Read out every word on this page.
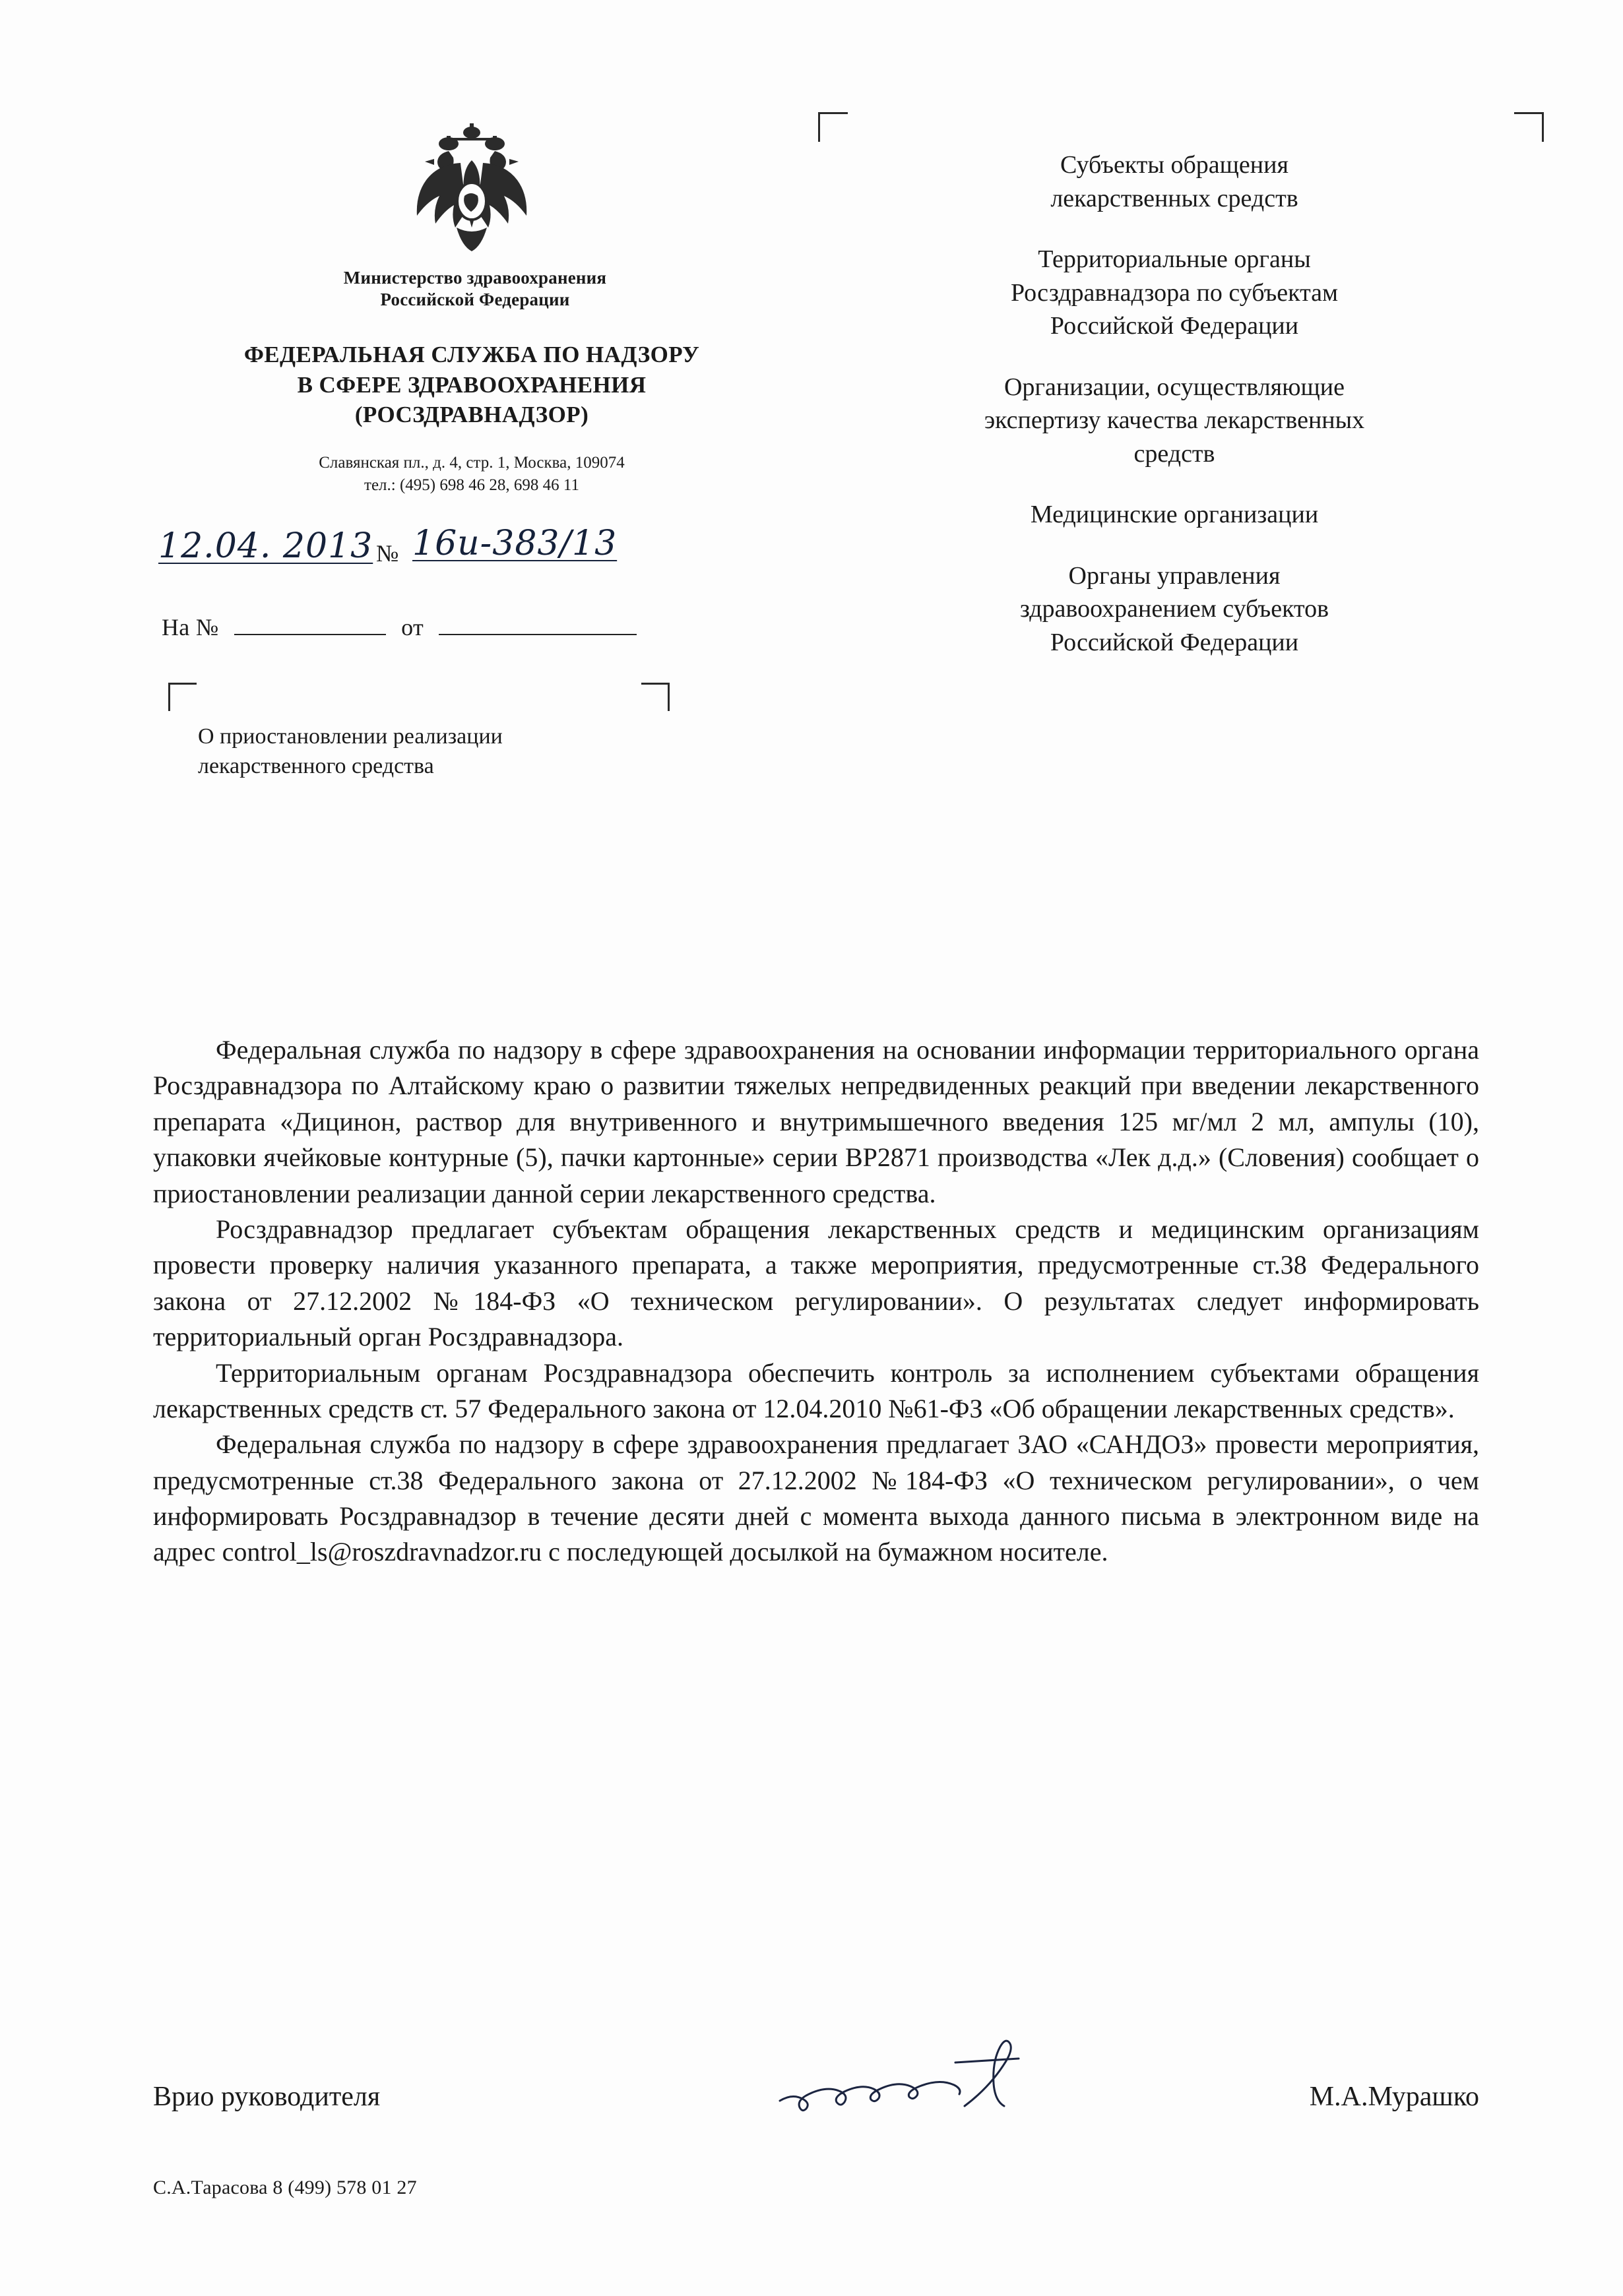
Министерство здравоохранения
Российской Федерации
ФЕДЕРАЛЬНАЯ СЛУЖБА ПО НАДЗОРУ
В СФЕРЕ ЗДРАВООХРАНЕНИЯ
(РОСЗДРАВНАДЗОР)
Славянская пл., д. 4, стр. 1, Москва, 109074
тел.: (495) 698 46 28, 698 46 11
12.04. 2013 № 16и-383/13
На №	от
О приостановлении реализации
лекарственного средства

Субъекты обращения
лекарственных средств

Территориальные органы
Росздравнадзора по субъектам
Российской Федерации

Организации, осуществляющие
экспертизу качества лекарственных
средств

Медицинские организации

Органы управления
здравоохранением субъектов
Российской Федерации

Федеральная служба по надзору в сфере здравоохранения на основании информации территориального органа Росздравнадзора по Алтайскому краю о развитии тяжелых непредвиденных реакций при введении лекарственного препарата «Дицинон, раствор для внутривенного и внутримышечного введения 125 мг/мл 2 мл, ампулы (10), упаковки ячейковые контурные (5), пачки картонные» серии ВР2871 производства «Лек д.д.» (Словения) сообщает о приостановлении реализации данной серии лекарственного средства.

Росздравнадзор предлагает субъектам обращения лекарственных средств и медицинским организациям провести проверку наличия указанного препарата, а также мероприятия, предусмотренные ст.38 Федерального закона от 27.12.2002 №184-ФЗ «О техническом регулировании». О результатах следует информировать территориальный орган Росздравнадзора.

Территориальным органам Росздравнадзора обеспечить контроль за исполнением субъектами обращения лекарственных средств ст. 57 Федерального закона от 12.04.2010 №61-ФЗ «Об обращении лекарственных средств».

Федеральная служба по надзору в сфере здравоохранения предлагает ЗАО «САНДОЗ» провести мероприятия, предусмотренные ст.38 Федерального закона от 27.12.2002 №184-ФЗ «О техническом регулировании», о чем информировать Росздравнадзор в течение десяти дней с момента выхода данного письма в электронном виде на адрес control_ls@roszdravnadzor.ru с последующей досылкой на бумажном носителе.

Врио руководителя	М.А.Мурашко
С.А.Тарасова 8 (499) 578 01 27
